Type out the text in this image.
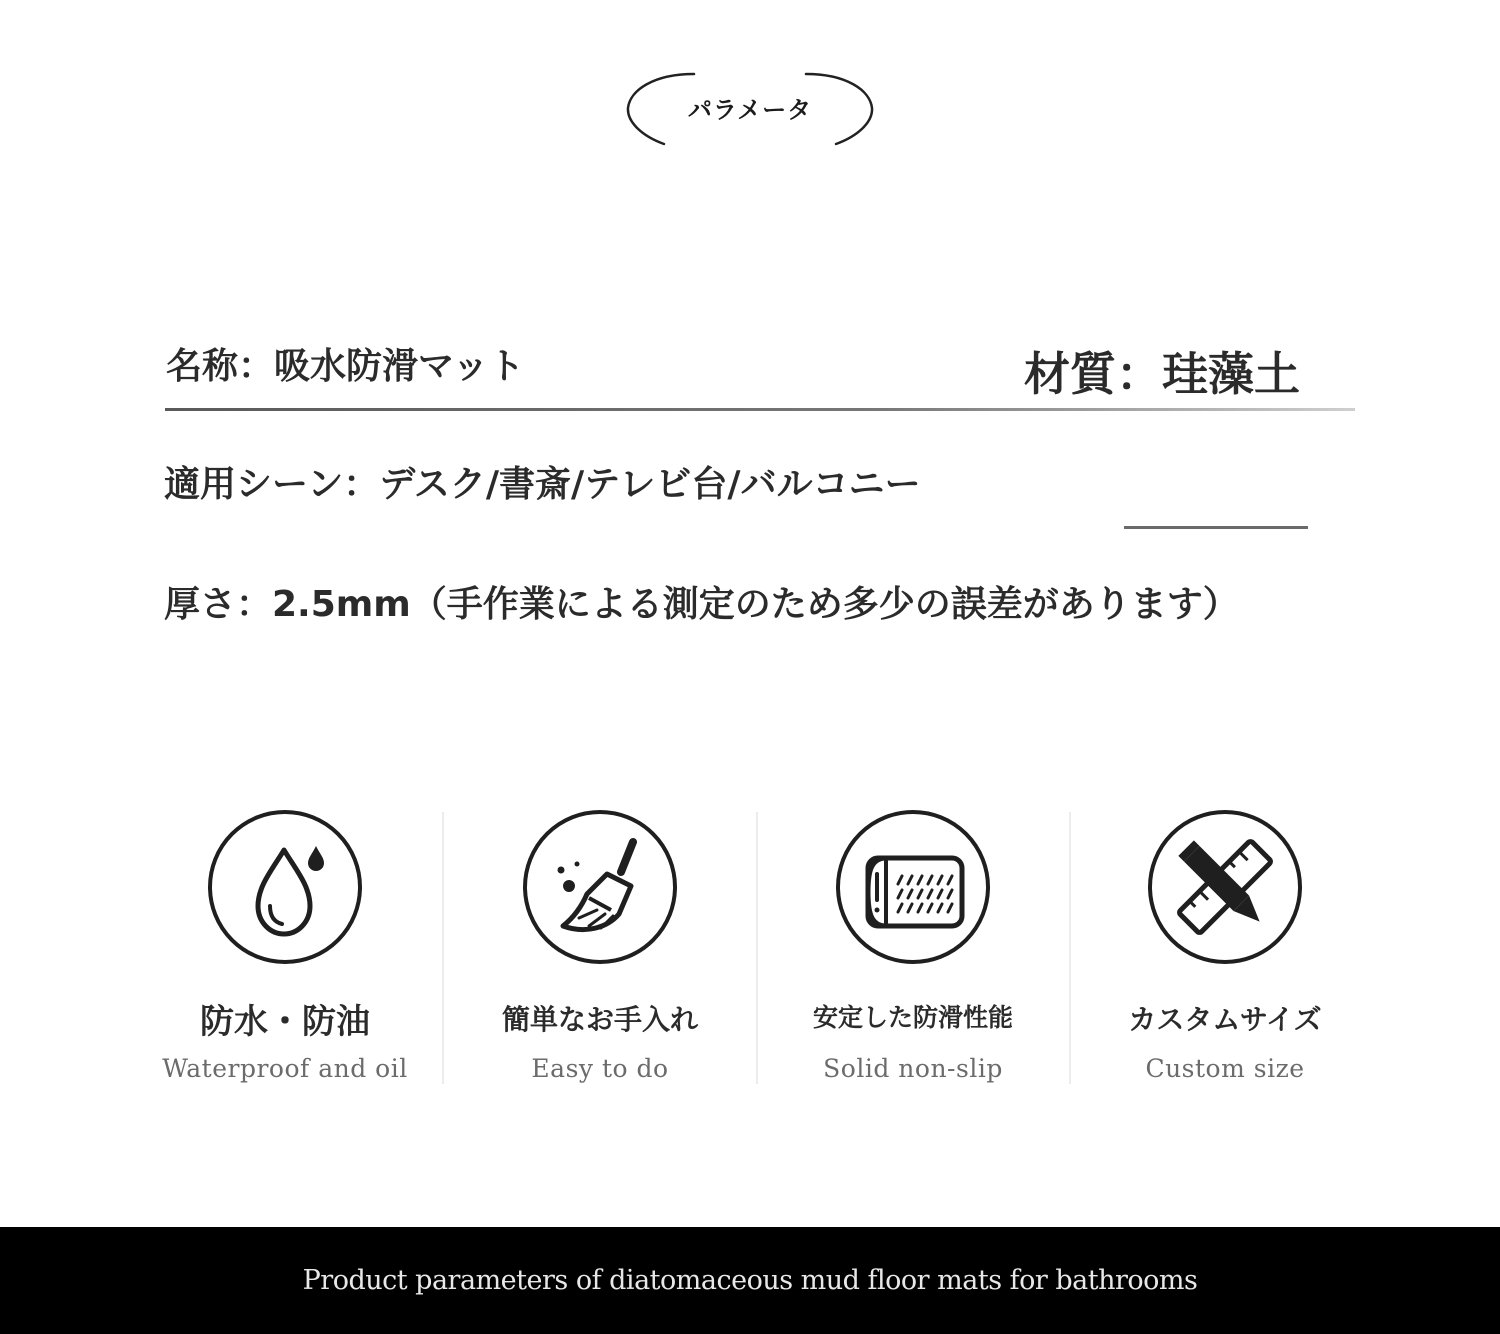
パラメータ
名称：吸水防滑マット	材質：珪藻土
適用シーン：デスク/書斎/テレビ台/バルコニー
厚さ：2.5mm（手作業による測定のため多少の誤差があります）
防水・防油
Waterproof and oil
簡単なお手入れ
Easy to do
安定した防滑性能
Solid non-slip
カスタムサイズ
Custom size
Product parameters of diatomaceous mud floor mats for bathrooms
